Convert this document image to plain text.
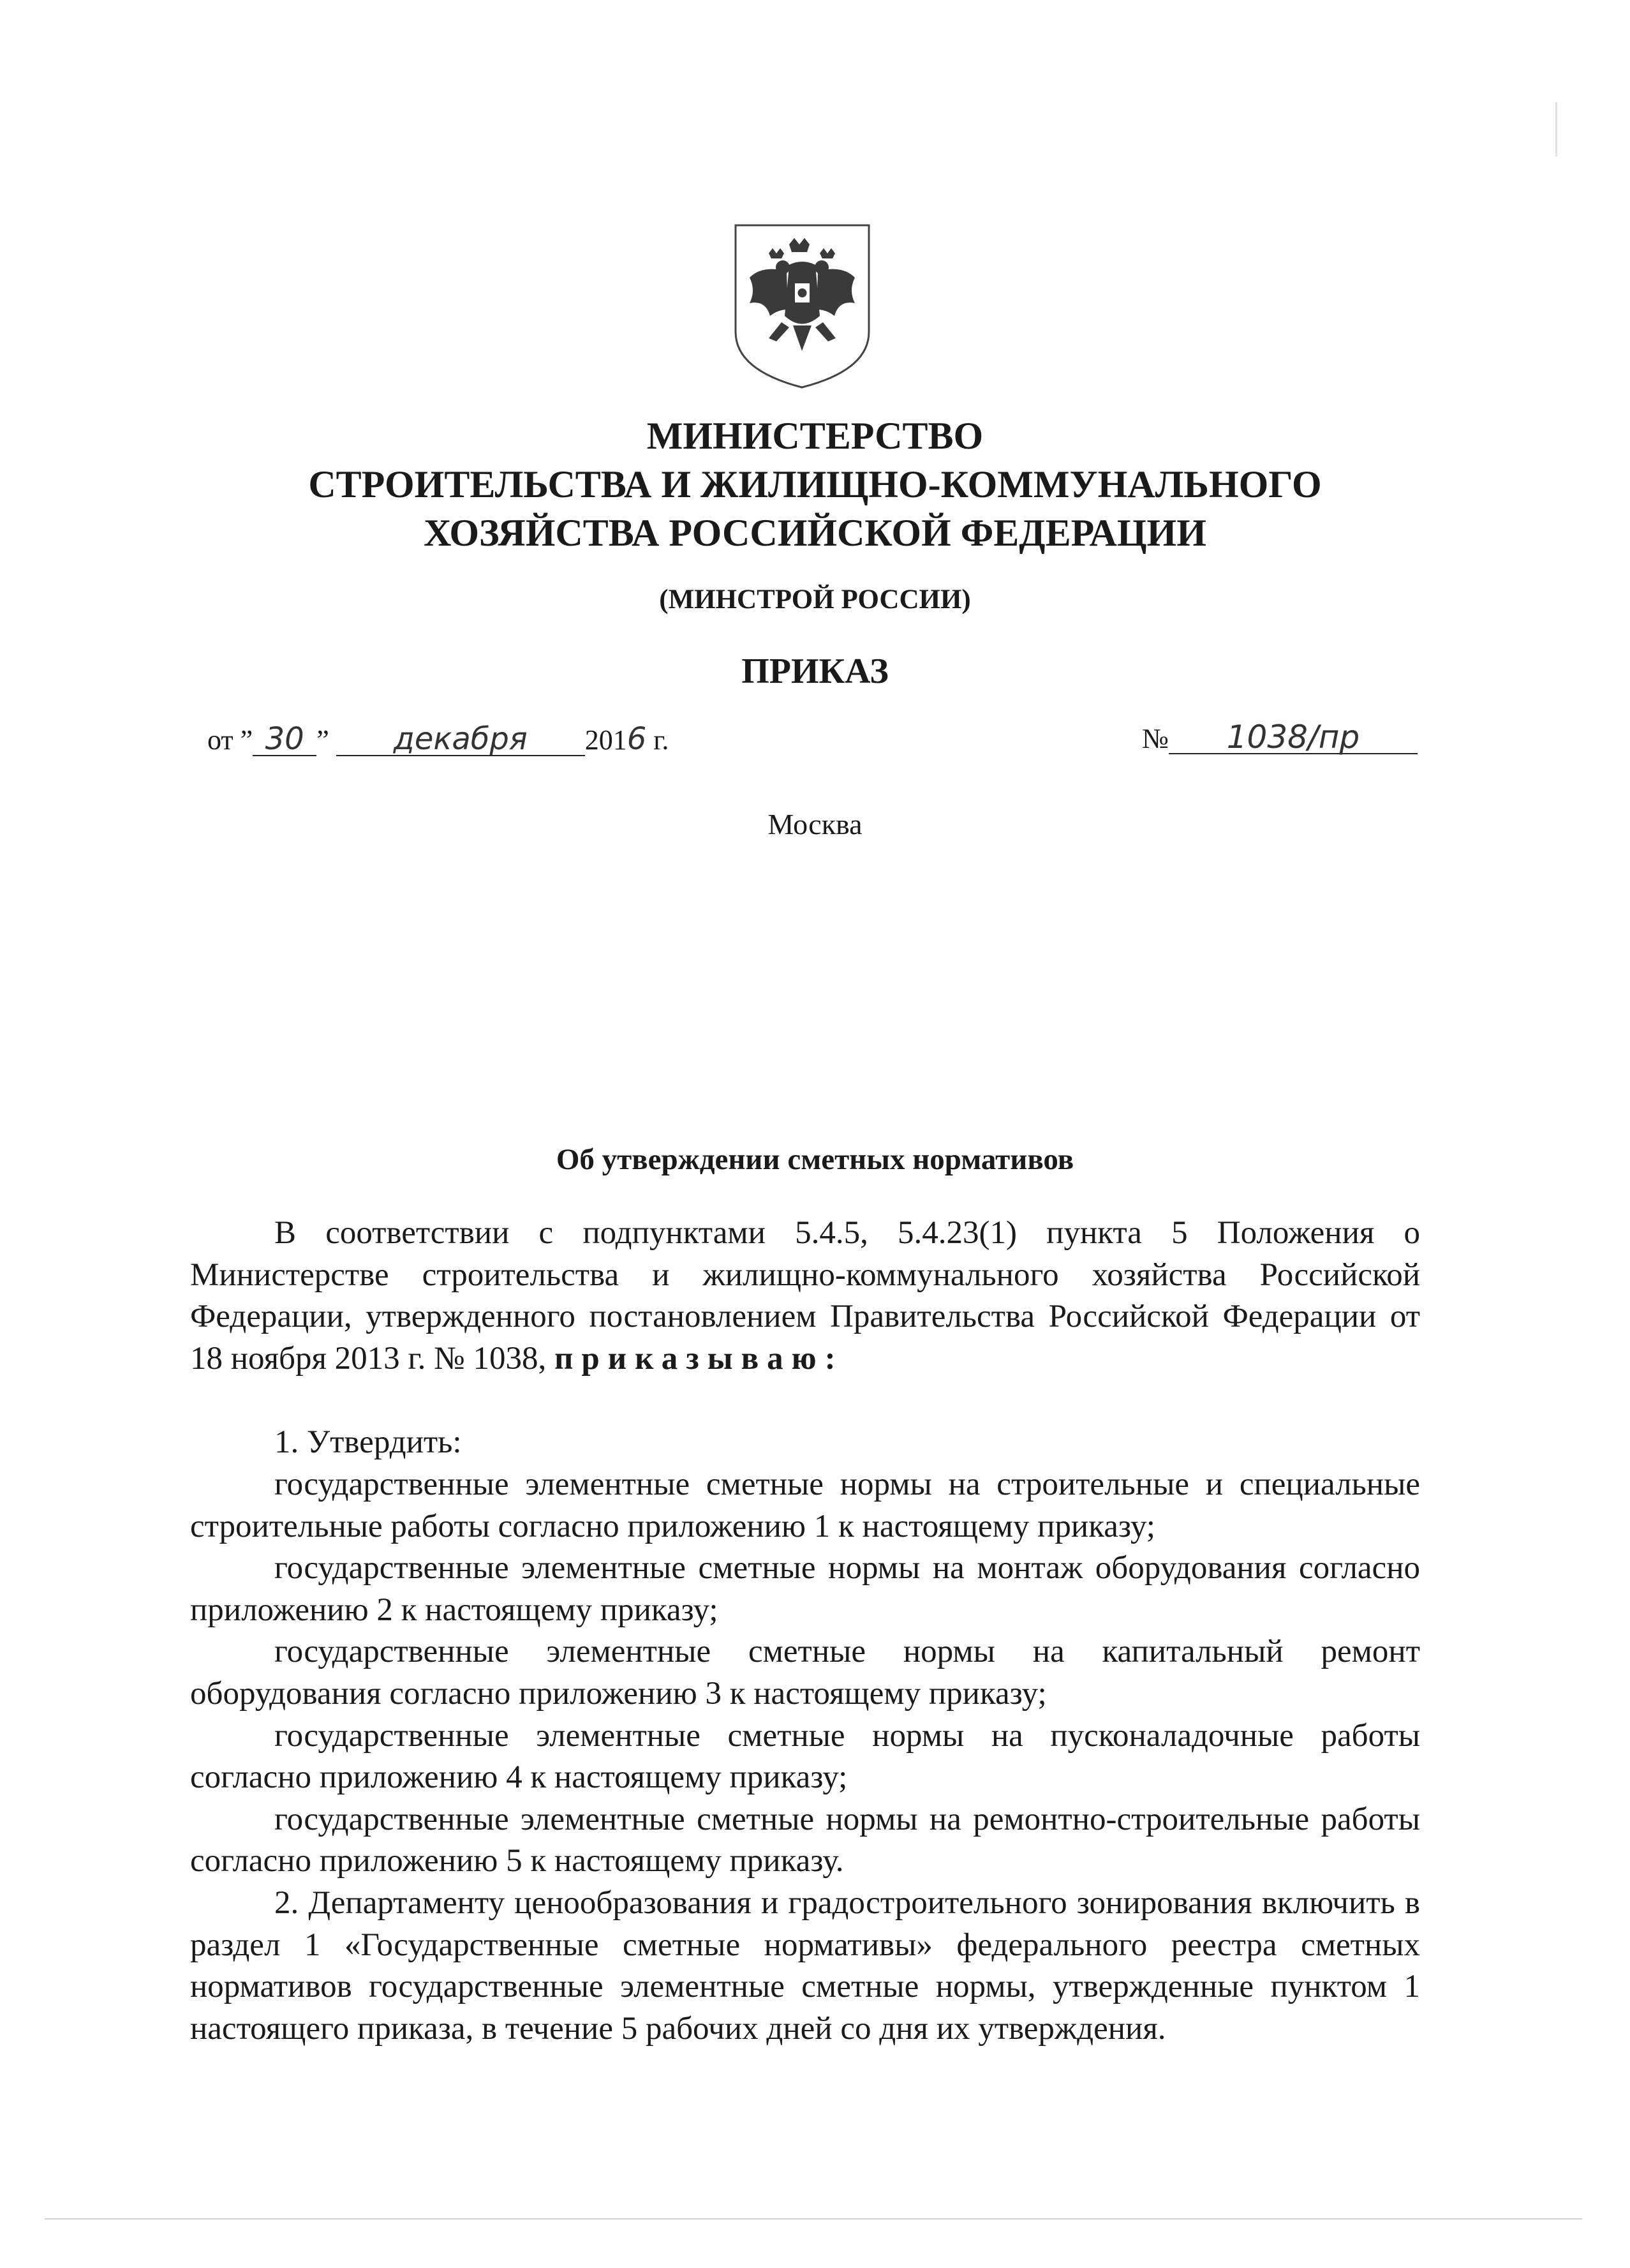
МИНИСТЕРСТВО
СТРОИТЕЛЬСТВА И ЖИЛИЩНО-КОММУНАЛЬНОГО
ХОЗЯЙСТВА РОССИЙСКОЙ ФЕДЕРАЦИИ
(МИНСТРОЙ РОССИИ)
ПРИКАЗ
от ” 30 ” декабря 2016 г.	№ 1038/пр
Москва
Об утверждении сметных нормативов

В соответствии с подпунктами 5.4.5, 5.4.23(1) пункта 5 Положения о Министерстве строительства и жилищно-коммунального хозяйства Российской Федерации, утвержденного постановлением Правительства Российской Федерации от 18 ноября 2013 г. № 1038, приказываю:

1. Утвердить:

государственные элементные сметные нормы на строительные и специальные строительные работы согласно приложению 1 к настоящему приказу;

государственные элементные сметные нормы на монтаж оборудования согласно приложению 2 к настоящему приказу;

государственные элементные сметные нормы на капитальный ремонт оборудования согласно приложению 3 к настоящему приказу;

государственные элементные сметные нормы на пусконаладочные работы согласно приложению 4 к настоящему приказу;

государственные элементные сметные нормы на ремонтно-строительные работы согласно приложению 5 к настоящему приказу.

2. Департаменту ценообразования и градостроительного зонирования включить в раздел 1 «Государственные сметные нормативы» федерального реестра сметных нормативов государственные элементные сметные нормы, утвержденные пунктом 1 настоящего приказа, в течение 5 рабочих дней со дня их утверждения.
